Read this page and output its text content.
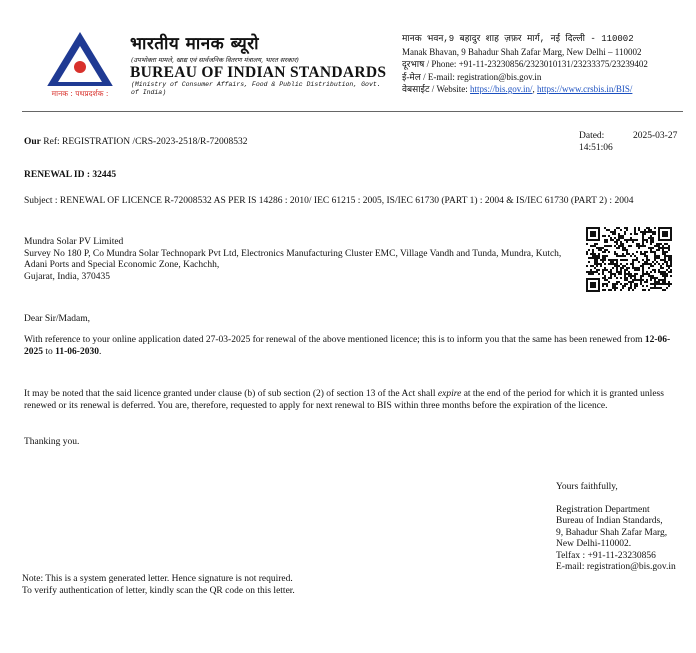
मानक : पथप्रदर्शक :
भारतीय मानक ब्यूरो
(उपभोक्ता मामले, खाद्य एवं सार्वजनिक वितरण मंत्रालय, भारत सरकार)
BUREAU OF INDIAN STANDARDS
(Ministry of Consumer Affairs, Food & Public Distribution, Govt. of India)
मानक भवन,9 बहादुर शाह ज़फ़र मार्ग, नई दिल्ली - 110002
Manak Bhavan, 9 Bahadur Shah Zafar Marg, New Delhi – 110002
दूरभाष / Phone: +91-11-23230856/2323010131/23233375/23239402
ई-मेल / E-mail: registration@bis.gov.in
वेबसाईट / Website: https://bis.gov.in/, https://www.crsbis.in/BIS/
Our Ref: REGISTRATION /CRS-2023-2518/R-72008532
Dated:	2025-03-27
14:51:06
RENEWAL ID : 32445
Subject : RENEWAL OF LICENCE R-72008532 AS PER IS 14286 : 2010/ IEC 61215 : 2005, IS/IEC 61730 (PART 1) : 2004 & IS/IEC 61730 (PART 2) : 2004
Mundra Solar PV Limited
Survey No 180 P, Co Mundra Solar Technopark Pvt Ltd, Electronics Manufacturing Cluster EMC, Village Vandh and Tunda, Mundra, Kutch, Adani Ports and Special Economic Zone, Kachchh,
Gujarat, India, 370435
Dear Sir/Madam,
With reference to your online application dated 27-03-2025 for renewal of the above mentioned licence; this is to inform you that the same has been renewed from 12-06-2025 to 11-06-2030.
It may be noted that the said licence granted under clause (b) of sub section (2) of section 13 of the Act shall expire at the end of the period for which it is granted unless renewed or its renewal is deferred. You are, therefore, requested to apply for next renewal to BIS within three months before the expiration of the licence.
Thanking you.
Yours faithfully,
Registration Department
Bureau of Indian Standards,
9, Bahadur Shah Zafar Marg,
New Delhi-110002.
Telfax : +91-11-23230856
E-mail: registration@bis.gov.in
Note: This is a system generated letter. Hence signature is not required.
To verify authentication of letter, kindly scan the QR code on this letter.
